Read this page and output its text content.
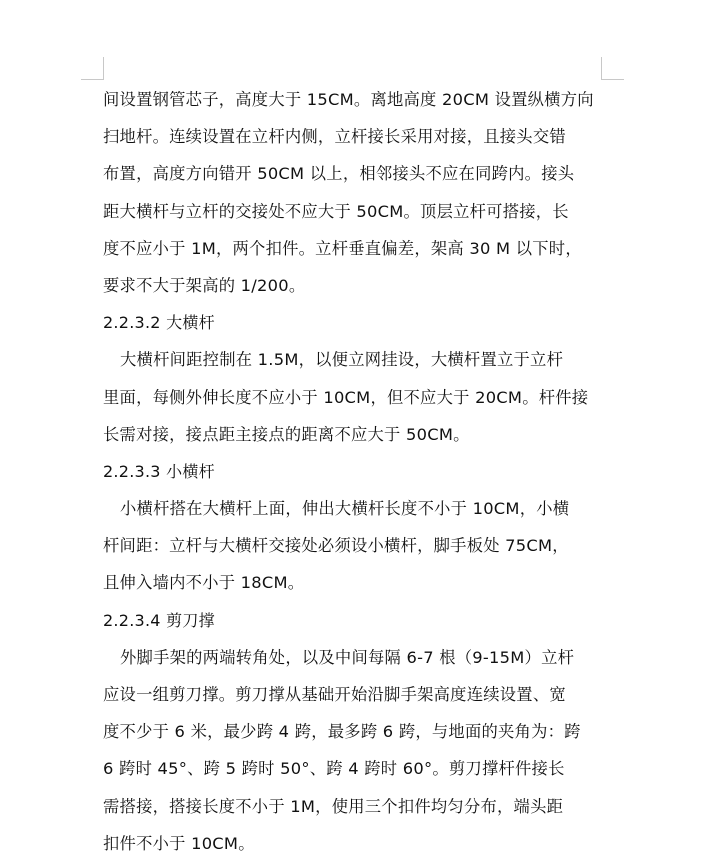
间设置钢管芯子，高度大于 15CM。离地高度 20CM 设置纵横方向
扫地杆。连续设置在立杆内侧，立杆接长采用对接，且接头交错
布置，高度方向错开 50CM 以上，相邻接头不应在同跨内。接头
距大横杆与立杆的交接处不应大于 50CM。顶层立杆可搭接，长
度不应小于 1M，两个扣件。立杆垂直偏差，架高 30 M 以下时，
要求不大于架高的 1/200。
2.2.3.2 大横杆
大横杆间距控制在 1.5M，以便立网挂设，大横杆置立于立杆
里面，每侧外伸长度不应小于 10CM，但不应大于 20CM。杆件接
长需对接，接点距主接点的距离不应大于 50CM。
2.2.3.3 小横杆
小横杆搭在大横杆上面，伸出大横杆长度不小于 10CM，小横
杆间距：立杆与大横杆交接处必须设小横杆，脚手板处 75CM，
且伸入墙内不小于 18CM。
2.2.3.4 剪刀撑
外脚手架的两端转角处，以及中间每隔 6-7 根（9-15M）立杆
应设一组剪刀撑。剪刀撑从基础开始沿脚手架高度连续设置、宽
度不少于 6 米，最少跨 4 跨，最多跨 6 跨，与地面的夹角为：跨
6 跨时 45°、跨 5 跨时 50°、跨 4 跨时 60°。剪刀撑杆件接长
需搭接，搭接长度不小于 1M，使用三个扣件均匀分布，端头距
扣件不小于 10CM。
